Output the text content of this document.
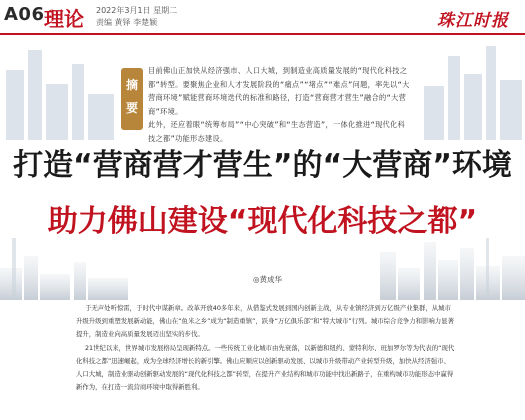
A06 理论 2022年3月1日 星期二
责编 黄铎 李楚颖	珠江时报
摘
要

目前佛山正加快从经济强市、人口大城，到制造业高质量发展的“现代化科技之都”转型。要聚焦企业和人才发展阶段的“痛点”“堵点”“难点”问题，率先以“大营商环境”赋能营商环境迭代的标准和路径，打造“营商营才营生”融合的“大营商”环境。

此外，还应着眼“统筹布局”“中心突破”和“生态营造”，一体化推进“现代化科技之都”功能形态建设。

打造“营商营才营生”的“大营商”环境
助力佛山建设“现代化科技之都”
◎黄成华

于无声处听惊雷，于时代中谋新章。改革开放40多年来，从借鉴式发展到国内创新主战，从专业镇经济到万亿级产业集群，从城市升级升级到重塑发展新动能，佛山在“鱼米之乡”成为“制造重镇”，跃身“万亿俱乐部”和“特大城市”行列。城市综合竞争力和影响力显著提升，制造业向高质量发展迈出坚实的步伐。

21世纪以来，世界城市发展格局呈现新特点。一些传统工业化城市由先衰落，以新德和纽约、蒙特利尔、班加罗尔等为代表的“现代化科技之都”迅速崛起，成为全球经济增长的新引擎。佛山应顺应以创新驱动发展、以城市升级带动产业转型升级，加快从经济强市、人口大城，制造业驱动创新驱动发展的“现代化科技之都”转型，在提升产业结构和城市功能中找出新路子，在重构城市功能形态中赢得新作为，在打造一流营商环境中取得新胜利。
